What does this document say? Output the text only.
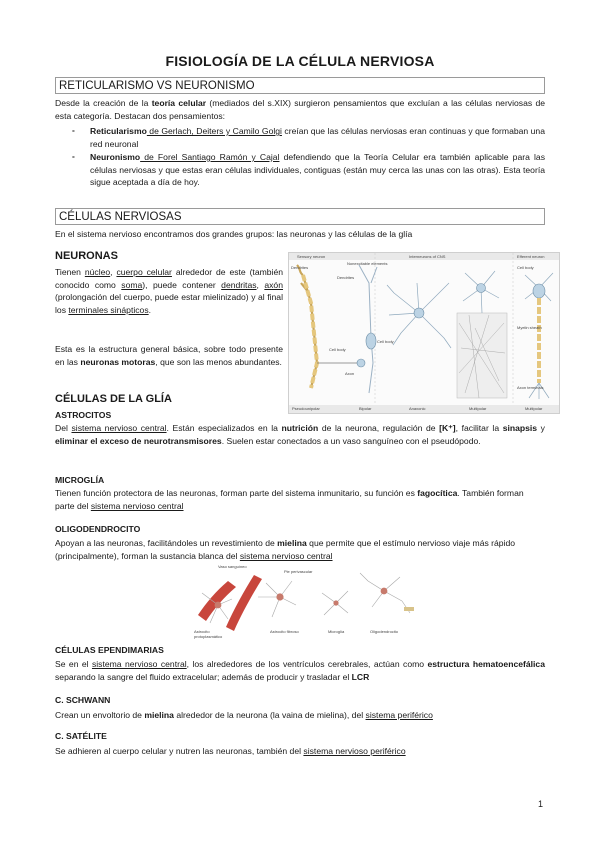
FISIOLOGÍA DE LA CÉLULA NERVIOSA
RETICULARISMO VS NEURONISMO
Desde la creación de la teoría celular (mediados del s.XIX) surgieron pensamientos que excluían a las células nerviosas de esta categoría. Destacan dos pensamientos:
- Reticularismo de Gerlach, Deiters y Camilo Golgi creían que las células nerviosas eran continuas y que formaban una red neuronal
- Neuronismo de Forel Santiago Ramón y Cajal defendiendo que la Teoría Celular era también aplicable para las células nerviosas y que estas eran células individuales, contiguas (están muy cerca las unas con las otras). Esta teoría sigue aceptada a día de hoy.
CÉLULAS NERVIOSAS
En el sistema nervioso encontramos dos grandes grupos: las neuronas y las células de la glía
NEURONAS
Tienen núcleo, cuerpo celular alrededor de este (también conocido como soma), puede contener dendritas, axón (prolongación del cuerpo, puede estar mielinizado) y al final los terminales sinápticos.
Esta es la estructura general básica, sobre todo presente en las neuronas motoras, que son las menos abundantes.
Sensory neuron	Interneurons of CNS	Efferent neuron
Dendrites
Nonexcitable elements
Dendrites
Cell body
Axon
Cell body
Myelin sheath
Axon terminals
Cell body
Pseudounipolar	Bipolar	Anaxonic	Multipolar	Multipolar
CÉLULAS DE LA GLÍA
ASTROCITOS
Del sistema nervioso central. Están especializados en la nutrición de la neurona, regulación de [K⁺], facilitar la sinapsis y eliminar el exceso de neurotransmisores. Suelen estar conectados a un vaso sanguíneo con el pseudópodo.
MICROGLÍA
Tienen función protectora de las neuronas, forman parte del sistema inmunitario, su función es fagocítica. También forman parte del sistema nervioso central
OLIGODENDROCITO
Apoyan a las neuronas, facilitándoles un revestimiento de mielina que permite que el estímulo nervioso viaje más rápido (principalmente), forman la sustancia blanca del sistema nervioso central
Vaso sanguíneo
Pie perivascular
Astrocito protoplasmático
Astrocito fibroso	Microglía	Oligodendrocito
CÉLULAS EPENDIMARIAS
Se en el sistema nervioso central, los alrededores de los ventrículos cerebrales, actúan como estructura hematoencefálica separando la sangre del fluido extracelular; además de producir y trasladar el LCR
C. SCHWANN
Crean un envoltorio de mielina alrededor de la neurona (la vaina de mielina), del sistema periférico
C. SATÉLITE
Se adhieren al cuerpo celular y nutren las neuronas, también del sistema nervioso periférico
1
